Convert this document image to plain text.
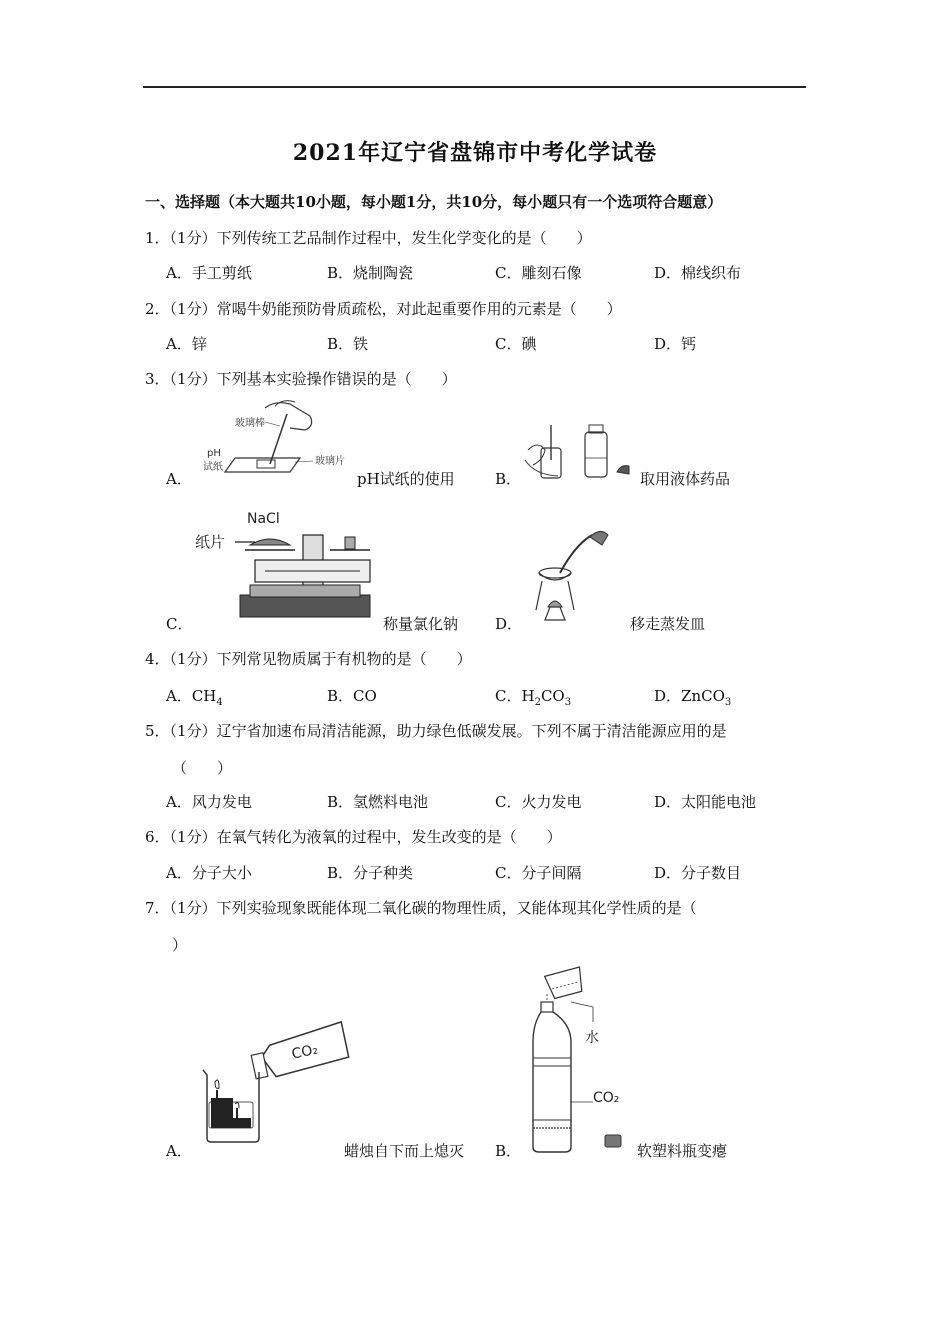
2021年辽宁省盘锦市中考化学试卷
一、选择题（本大题共10小题，每小题1分，共10分，每小题只有一个选项符合题意）
1．（1分）下列传统工艺品制作过程中，发生化学变化的是（　　）
A．手工剪纸	B．烧制陶瓷	C．雕刻石像	D．棉线织布
2．（1分）常喝牛奶能预防骨质疏松，对此起重要作用的元素是（　　）
A．锌	B．铁	C．碘	D．钙
3．（1分）下列基本实验操作错误的是（　　）
玻璃棒
pH
试纸
玻璃片
A．	pH试纸的使用	B．	取用液体药品
NaCl
纸片
C．	称量氯化钠 D．	移走蒸发皿
4．（1分）下列常见物质属于有机物的是（　　）
A．$CH_4$	B．CO	C．$H_2CO_3$	D．ZnCO$_3$
5．（1分）辽宁省加速布局清洁能源，助力绿色低碳发展。下列不属于清洁能源应用的是
（　　）
A．风力发电	B．氢燃料电池	C．火力发电	D．太阳能电池
6．（1分）在氧气转化为液氧的过程中，发生改变的是（　　）
A．分子大小	B．分子种类	C．分子间隔	D．分子数目
7．（1分）下列实验现象既能体现二氧化碳的物理性质，又能体现其化学性质的是（
）
CO₂
A．	蜡烛自下而上熄灭
水
CO₂
B．	软塑料瓶变瘪
